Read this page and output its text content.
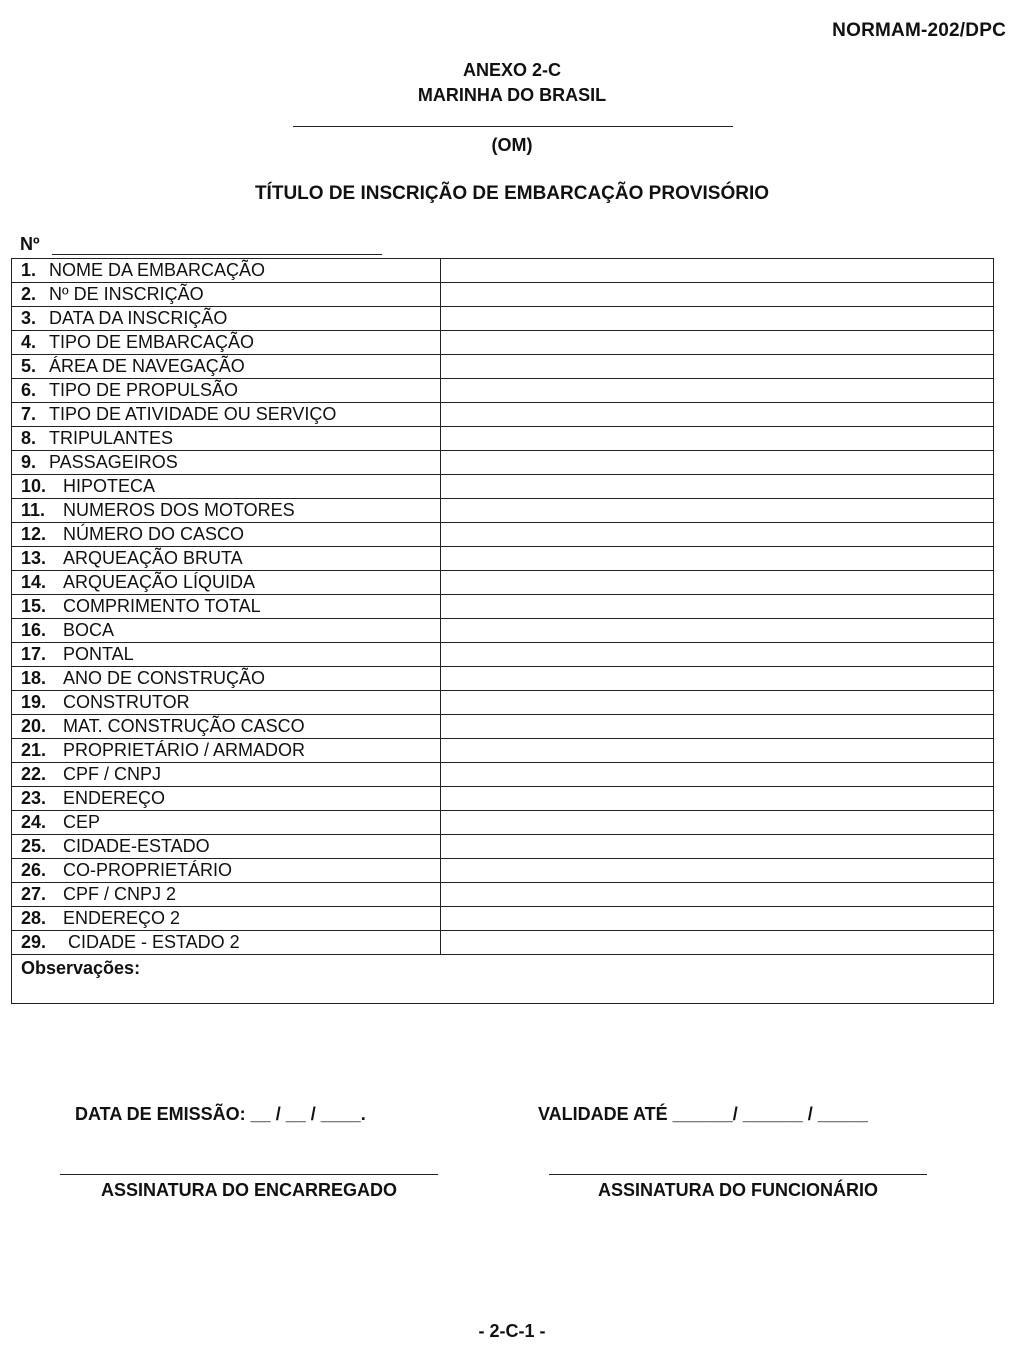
NORMAM-202/DPC
ANEXO 2-C
MARINHA DO BRASIL
(OM)
TÍTULO DE INSCRIÇÃO DE EMBARCAÇÃO PROVISÓRIO
Nº
1. NOME DA EMBARCAÇÃO	
2. Nº DE INSCRIÇÃO	
3. DATA DA INSCRIÇÃO	
4. TIPO DE EMBARCAÇÃO	
5. ÁREA DE NAVEGAÇÃO	
6. TIPO DE PROPULSÃO	
7. TIPO DE ATIVIDADE OU SERVIÇO	
8. TRIPULANTES	
9. PASSAGEIROS	
10. HIPOTECA	
11. NUMEROS DOS MOTORES	
12. NÚMERO DO CASCO	
13. ARQUEAÇÃO BRUTA	
14. ARQUEAÇÃO LÍQUIDA	
15. COMPRIMENTO TOTAL	
16. BOCA	
17. PONTAL	
18. ANO DE CONSTRUÇÃO	
19. CONSTRUTOR	
20. MAT. CONSTRUÇÃO CASCO	
21. PROPRIETÁRIO / ARMADOR	
22. CPF / CNPJ	
23. ENDEREÇO	
24. CEP	
25. CIDADE-ESTADO	
26. CO-PROPRIETÁRIO	
27. CPF / CNPJ 2	
28. ENDEREÇO 2	
29. CIDADE - ESTADO 2	
Observações:	
DATA DE EMISSÃO: __ / __ / ____.	VALIDADE ATÉ ______/ ______ / _____
ASSINATURA DO ENCARREGADO	ASSINATURA DO FUNCIONÁRIO
- 2-C-1 -
